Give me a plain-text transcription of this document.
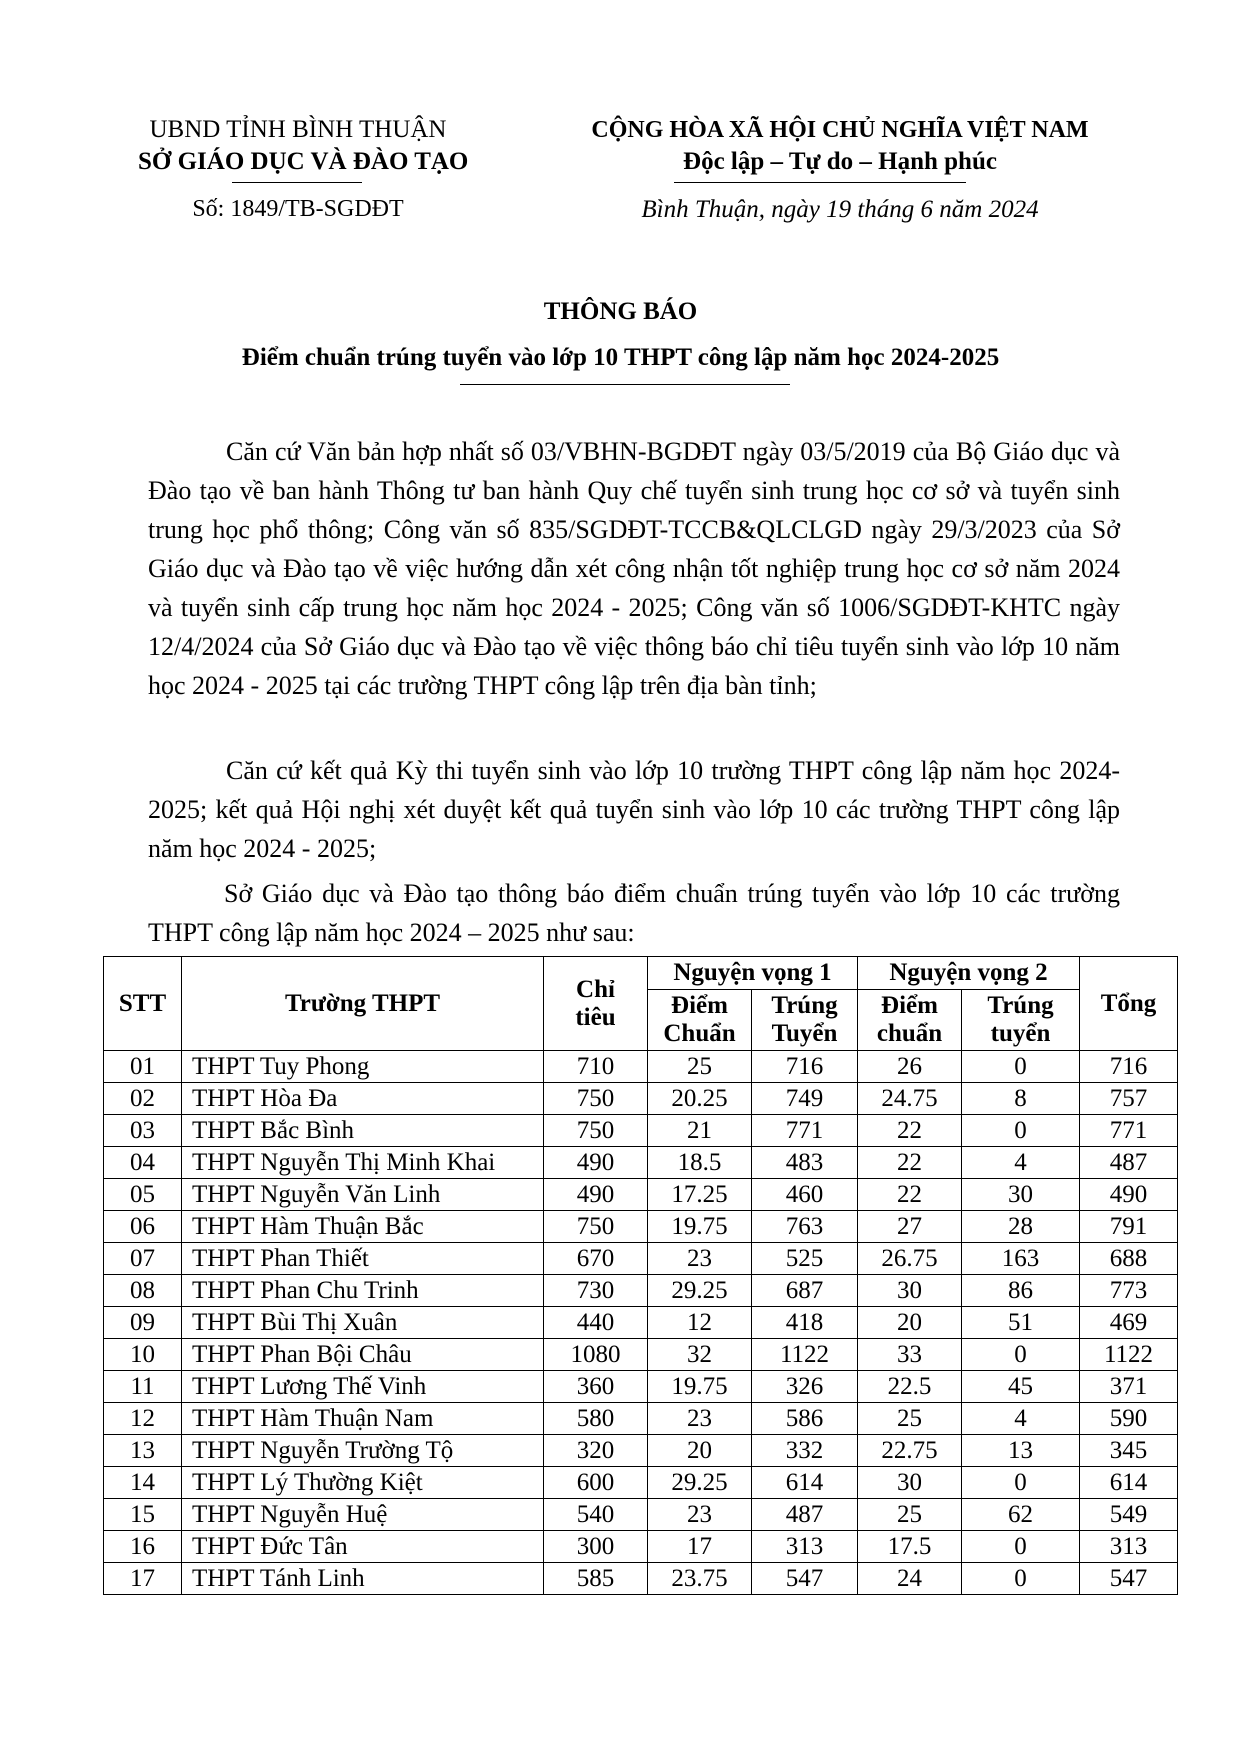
UBND TỈNH BÌNH THUẬN
SỞ GIÁO DỤC VÀ ĐÀO TẠO
Số: 1849/TB-SGDĐT
CỘNG HÒA XÃ HỘI CHỦ NGHĨA VIỆT NAM
Độc lập – Tự do – Hạnh phúc
Bình Thuận, ngày 19 tháng 6 năm 2024
THÔNG BÁO
Điểm chuẩn trúng tuyển vào lớp 10 THPT công lập năm học 2024-2025

Căn cứ Văn bản hợp nhất số 03/VBHN-BGDĐT ngày 03/5/2019 của Bộ Giáo dục và Đào tạo về ban hành Thông tư ban hành Quy chế tuyển sinh trung học cơ sở và tuyển sinh trung học phổ thông; Công văn số 835/SGDĐT-TCCB&QLCLGD ngày 29/3/2023 của Sở Giáo dục và Đào tạo về việc hướng dẫn xét công nhận tốt nghiệp trung học cơ sở năm 2024 và tuyển sinh cấp trung học năm học 2024 - 2025; Công văn số 1006/SGDĐT-KHTC ngày 12/4/2024 của Sở Giáo dục và Đào tạo về việc thông báo chỉ tiêu tuyển sinh vào lớp 10 năm học 2024 - 2025 tại các trường THPT công lập trên địa bàn tỉnh;

Căn cứ kết quả Kỳ thi tuyển sinh vào lớp 10 trường THPT công lập năm học 2024-2025; kết quả Hội nghị xét duyệt kết quả tuyển sinh vào lớp 10 các trường THPT công lập năm học 2024 - 2025;

Sở Giáo dục và Đào tạo thông báo điểm chuẩn trúng tuyển vào lớp 10 các trường THPT công lập năm học 2024 – 2025 như sau:

STT	Trường THPT	Chỉ tiêu	Nguyện vọng 1		Nguyện vọng 2		Tổng
			Điểm Chuẩn	Trúng Tuyển	Điểm chuẩn	Trúng tuyển	
01	THPT Tuy Phong	710	25	716	26	0	716
02	THPT Hòa Đa	750	20.25	749	24.75	8	757
03	THPT Bắc Bình	750	21	771	22	0	771
04	THPT Nguyễn Thị Minh Khai	490	18.5	483	22	4	487
05	THPT Nguyễn Văn Linh	490	17.25	460	22	30	490
06	THPT Hàm Thuận Bắc	750	19.75	763	27	28	791
07	THPT Phan Thiết	670	23	525	26.75	163	688
08	THPT Phan Chu Trinh	730	29.25	687	30	86	773
09	THPT Bùi Thị Xuân	440	12	418	20	51	469
10	THPT Phan Bội Châu	1080	32	1122	33	0	1122
11	THPT Lương Thế Vinh	360	19.75	326	22.5	45	371
12	THPT Hàm Thuận Nam	580	23	586	25	4	590
13	THPT Nguyễn Trường Tộ	320	20	332	22.75	13	345
14	THPT Lý Thường Kiệt	600	29.25	614	30	0	614
15	THPT Nguyễn Huệ	540	23	487	25	62	549
16	THPT Đức Tân	300	17	313	17.5	0	313
17	THPT Tánh Linh	585	23.75	547	24	0	547
